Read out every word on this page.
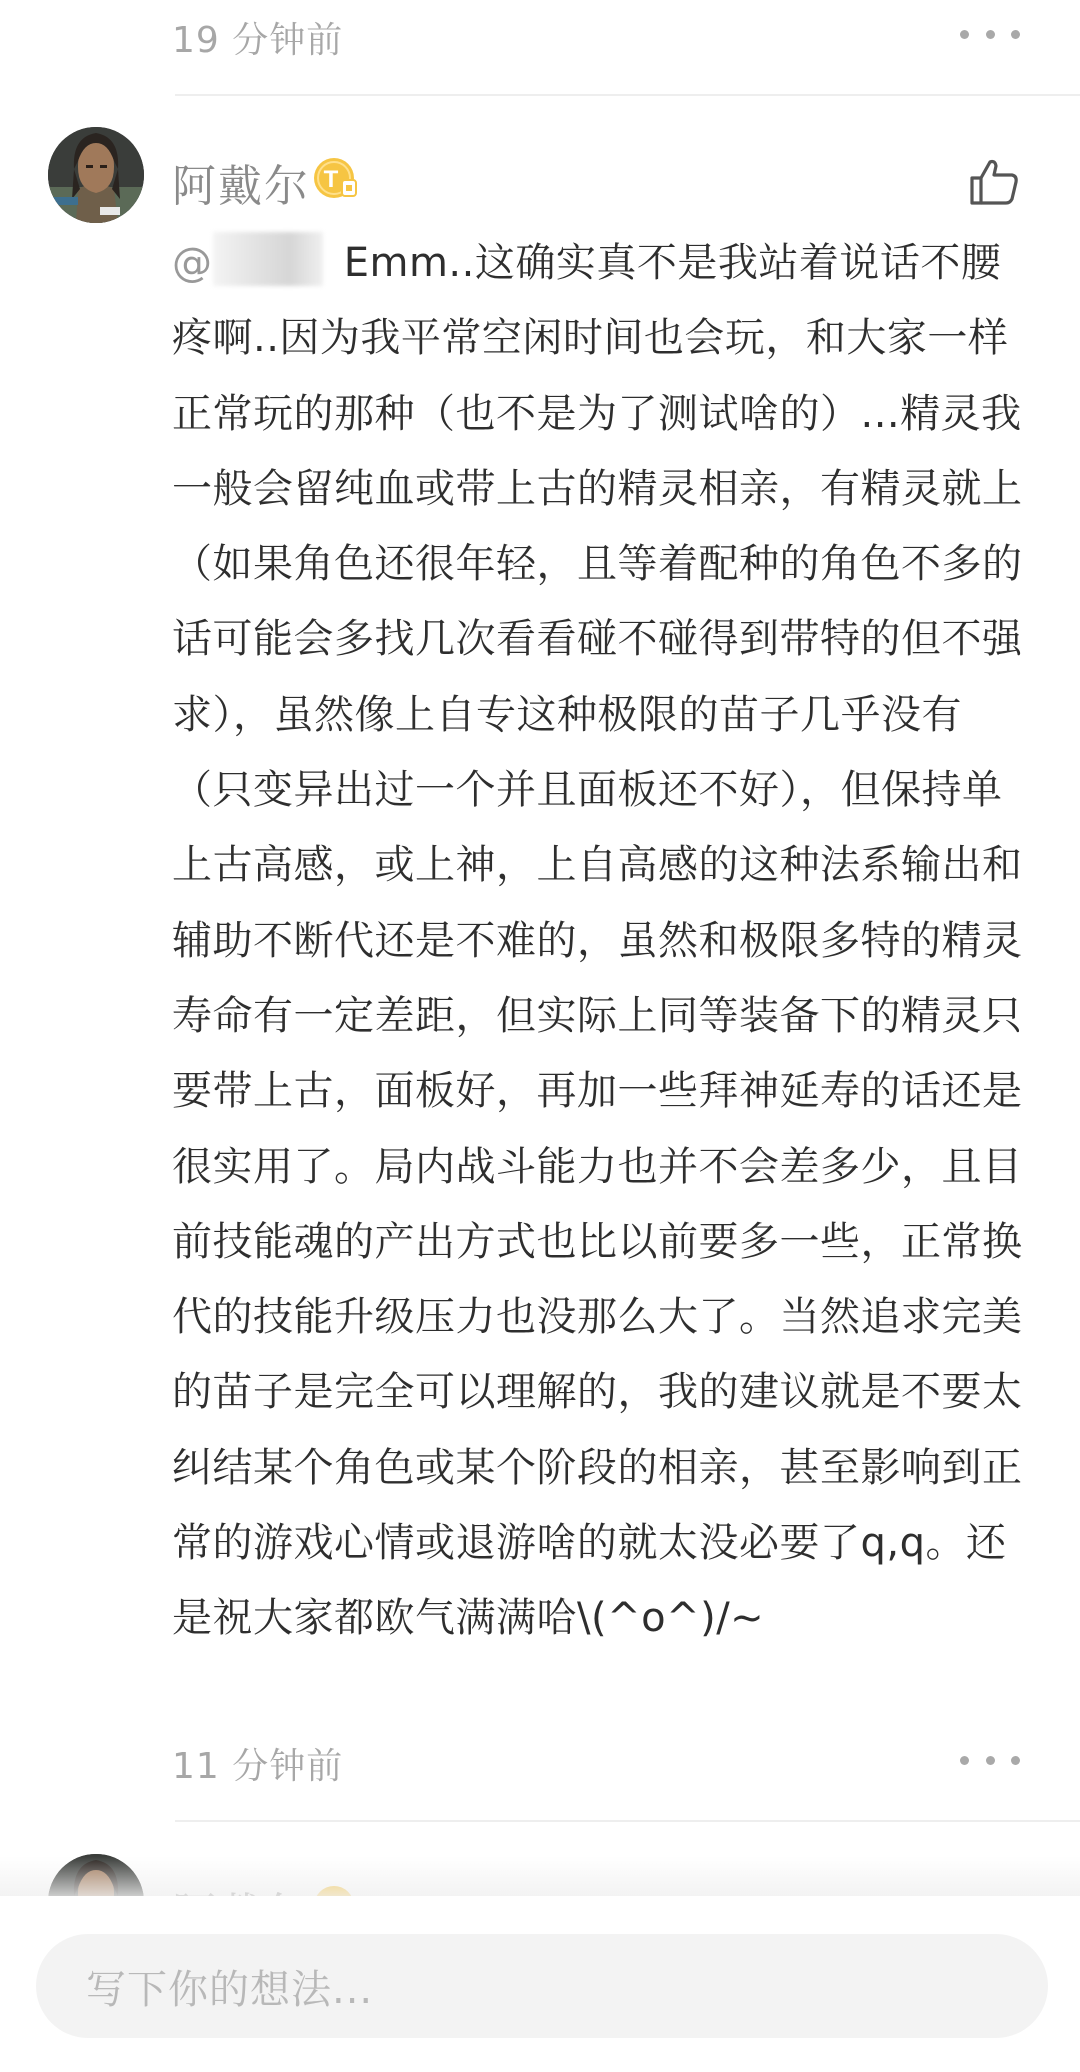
19 分钟前
阿戴尔 T

@	Emm..这确实真不是我站着说话不腰疼啊..因为我平常空闲时间也会玩，和大家一样正常玩的那种（也不是为了测试啥的）...精灵我一般会留纯血或带上古的精灵相亲，有精灵就上（如果角色还很年轻，且等着配种的角色不多的话可能会多找几次看看碰不碰得到带特的但不强求），虽然像上自专这种极限的苗子几乎没有（只变异出过一个并且面板还不好），但保持单上古高感，或上神，上自高感的这种法系输出和辅助不断代还是不难的，虽然和极限多特的精灵寿命有一定差距，但实际上同等装备下的精灵只要带上古，面板好，再加一些拜神延寿的话还是很实用了。局内战斗能力也并不会差多少，且目前技能魂的产出方式也比以前要多一些，正常换代的技能升级压力也没那么大了。当然追求完美的苗子是完全可以理解的，我的建议就是不要太纠结某个角色或某个阶段的相亲，甚至影响到正常的游戏心情或退游啥的就太没必要了q,q。还是祝大家都欧气满满哈\(^o^)/~

11 分钟前
写下你的想法...
